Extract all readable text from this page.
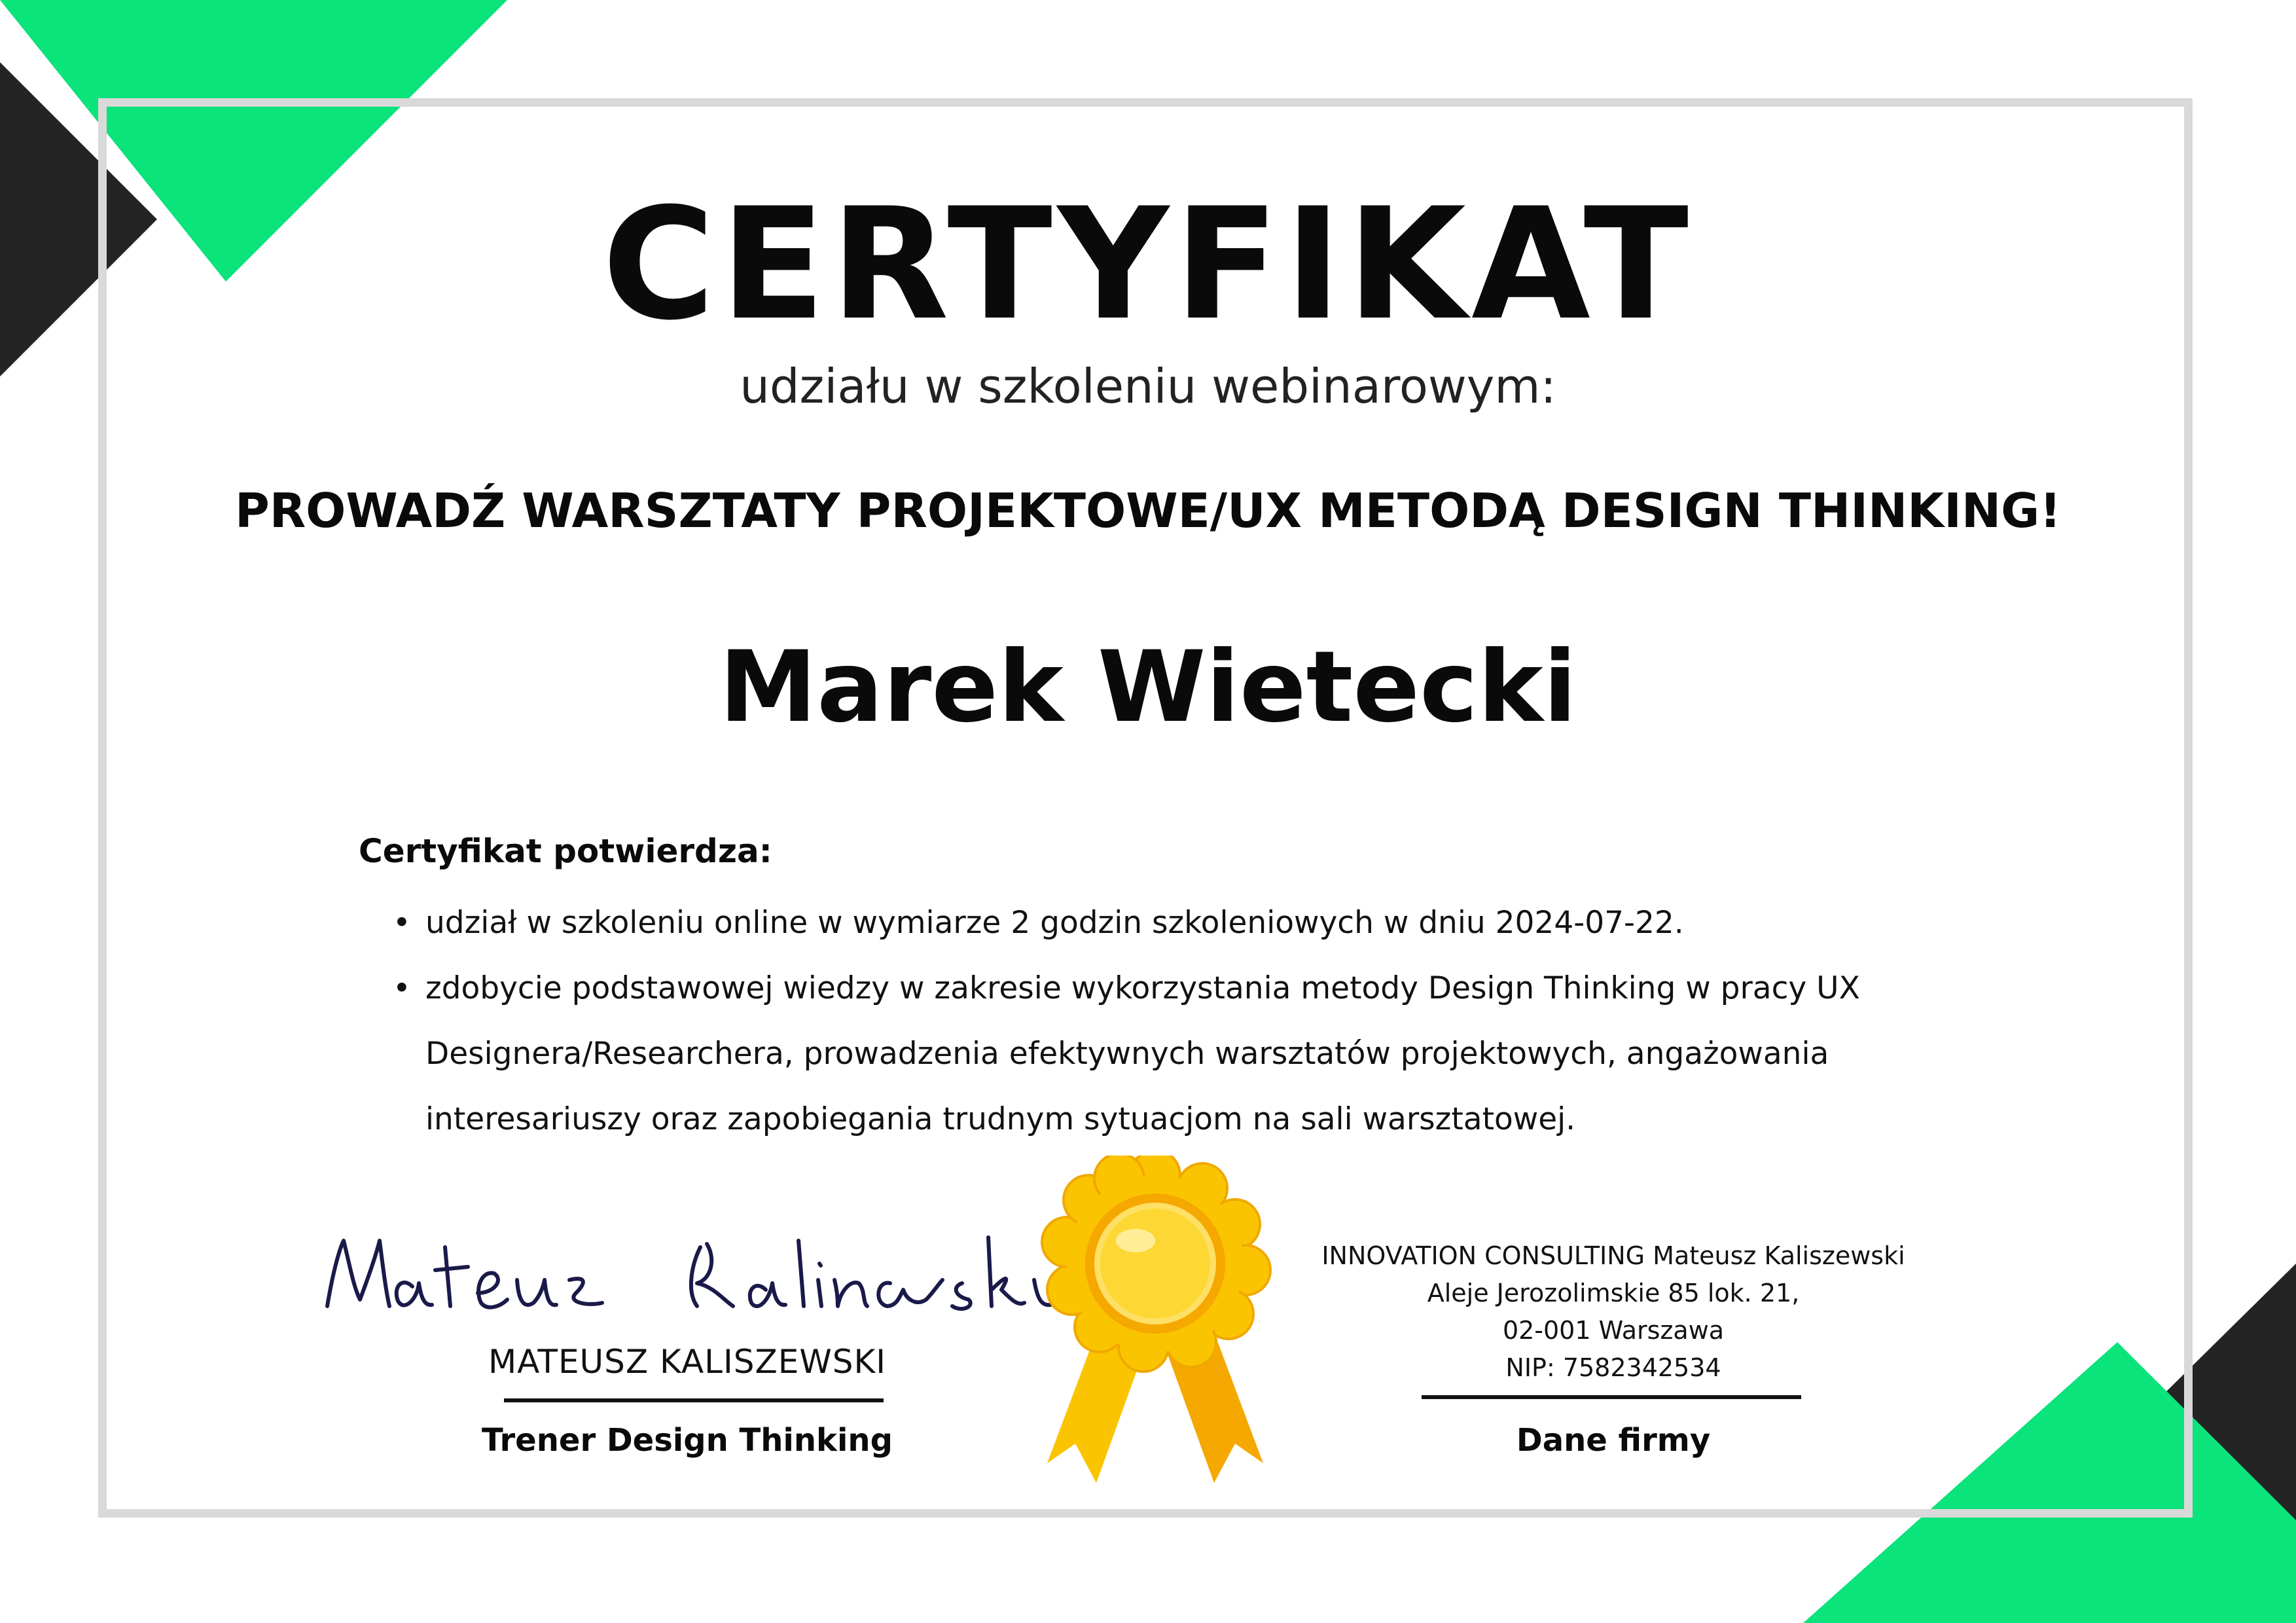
CERTYFIKAT
udziału w szkoleniu webinarowym:
PROWADŹ WARSZTATY PROJEKTOWE/UX METODĄ DESIGN THINKING!
Marek Wietecki
Certyfikat potwierdza:
• udział w szkoleniu online w wymiarze 2 godzin szkoleniowych w dniu 2024-07-22.
• zdobycie podstawowej wiedzy w zakresie wykorzystania metody Design Thinking w pracy UX Designera/Researchera, prowadzenia efektywnych warsztatów projektowych, angażowania interesariuszy oraz zapobiegania trudnym sytuacjom na sali warsztatowej.
MATEUSZ KALISZEWSKI
Trener Design Thinking
INNOVATION CONSULTING Mateusz Kaliszewski
Aleje Jerozolimskie 85 lok. 21,
02-001 Warszawa
NIP: 7582342534
Dane firmy
